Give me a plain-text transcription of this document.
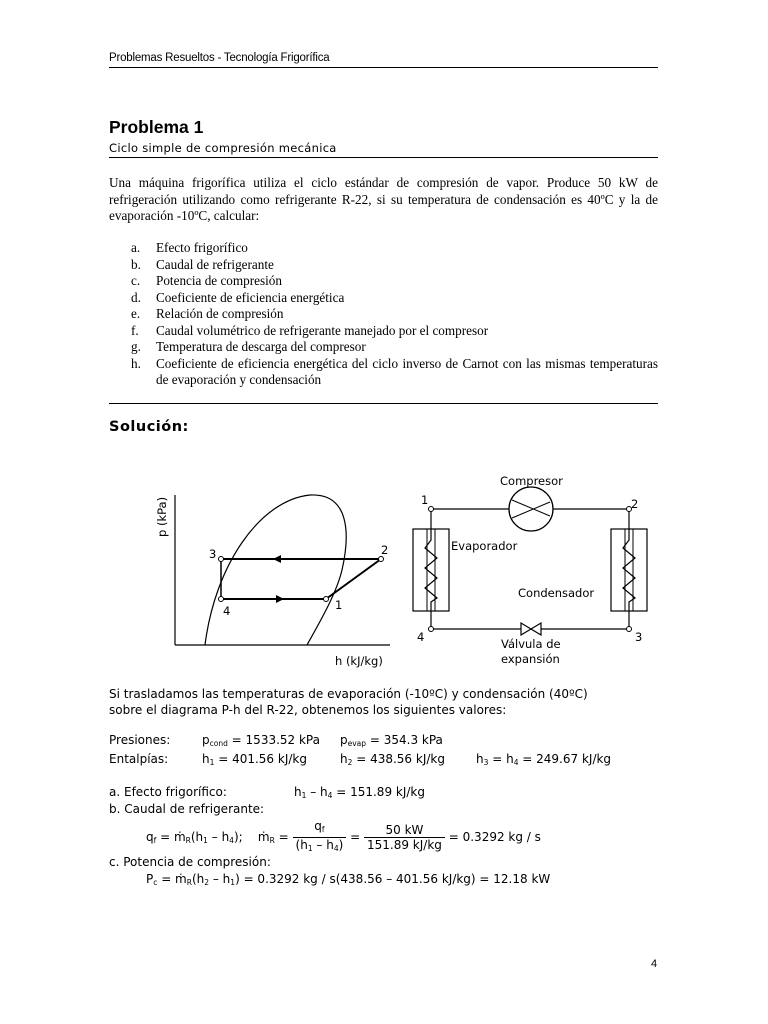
Problemas Resueltos - Tecnología Frigorífica
Problema 1
Ciclo simple de compresión mecánica
Una máquina frigorífica utiliza el ciclo estándar de compresión de vapor. Produce 50 kW de refrigeración utilizando como refrigerante R-22, si su temperatura de condensación es 40ºC y la de evaporación -10ºC, calcular:
a. Efecto frigorífico
b. Caudal de refrigerante
c. Potencia de compresión
d. Coeficiente de eficiencia energética
e. Relación de compresión
f. Caudal volumétrico de refrigerante manejado por el compresor
g. Temperatura de descarga del compresor
h. Coeficiente de eficiencia energética del ciclo inverso de Carnot con las mismas temperaturas de evaporación y condensación
Solución:
3
4	1
2
h (kJ/kg)
p (kPa)	1	2
3
4
Compresor
Evaporador
Condensador
Válvula de
expansión
Si trasladamos las temperaturas de evaporación (-10ºC) y condensación (40ºC)
sobre el diagrama P-h del R-22, obtenemos los siguientes valores:
Presiones:	$p_{cond} = 1533.52$ kPa $p_{evap} = 354.3$ kPa
Entalpías:	$h_1 = 401.56$ kJ/kg	$h_2 = 438.56$ kJ/kg	$h_3 = h_4 = 249.67$ kJ/kg
a. Efecto frigorífico:	$h_1 - h_4 = 151.89$ kJ/kg
b. Caudal de refrigerante:
$q_f$ = $ṁ_R(h_1 - h_4)$;    ṁ$_R$ = $\frac{q_f}{(h_1 - h_4)} = \frac{50 kW}{151.89 kJ/kg} = 0.3292$ kg / s
c. Potencia de compresión:
$P_c$ = $ṁ_R(h_2 - h_1) = 0.3292$ kg / s(438.56 – 401.56 kJ/kg) = 12.18 kW
4
